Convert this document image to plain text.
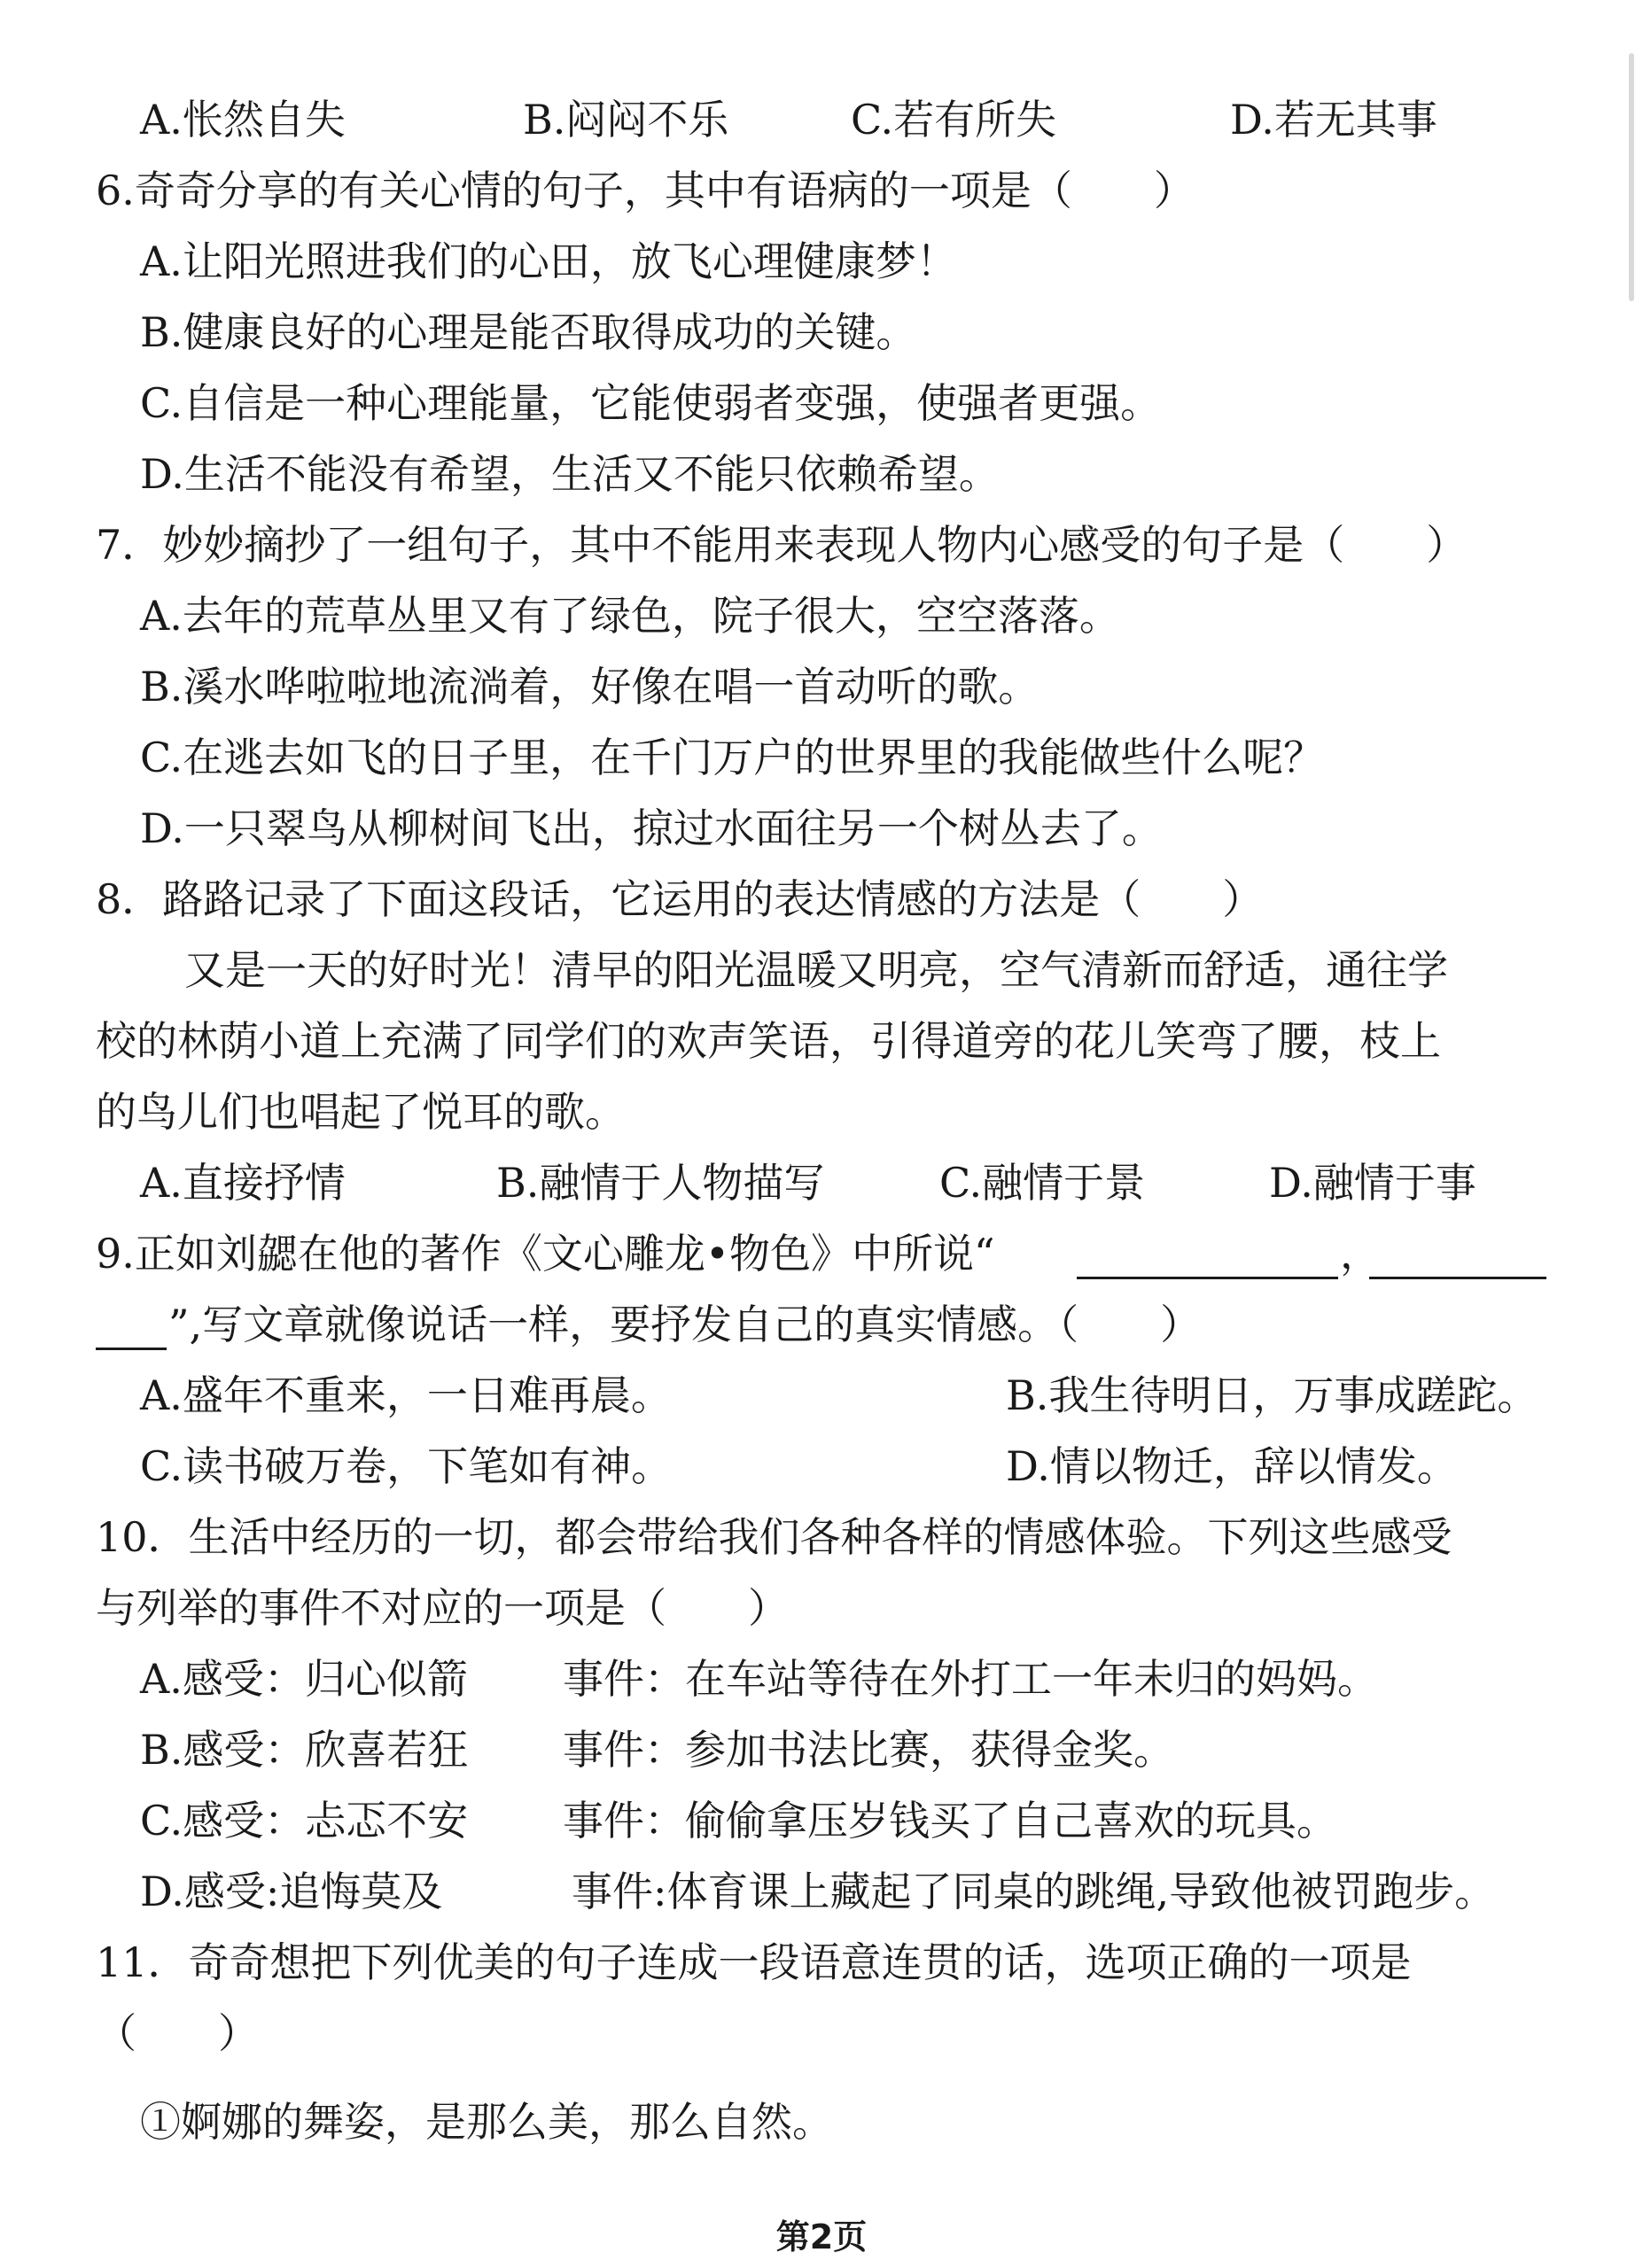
A.怅然自失	B.闷闷不乐	C.若有所失	D.若无其事
6.奇奇分享的有关心情的句子，其中有语病的一项是（　　）
A.让阳光照进我们的心田，放飞心理健康梦！
B.健康良好的心理是能否取得成功的关键。
C.自信是一种心理能量，它能使弱者变强，使强者更强。
D.生活不能没有希望，生活又不能只依赖希望。
7．妙妙摘抄了一组句子，其中不能用来表现人物内心感受的句子是（　　）
A.去年的荒草丛里又有了绿色，院子很大，空空落落。
B.溪水哗啦啦地流淌着，好像在唱一首动听的歌。
C.在逃去如飞的日子里，在千门万户的世界里的我能做些什么呢？
D.一只翠鸟从柳树间飞出，掠过水面往另一个树丛去了。
8．路路记录了下面这段话，它运用的表达情感的方法是（　　）
又是一天的好时光！清早的阳光温暖又明亮，空气清新而舒适，通往学
校的林荫小道上充满了同学们的欢声笑语，引得道旁的花儿笑弯了腰，枝上
的鸟儿们也唱起了悦耳的歌。
A.直接抒情	B.融情于人物描写	C.融情于景	D.融情于事
9.正如刘勰在他的著作《文心雕龙•物色》中所说“	，
”,写文章就像说话一样，要抒发自己的真实情感。（　　）
A.盛年不重来，一日难再晨。	B.我生待明日，万事成蹉跎。
C.读书破万卷，下笔如有神。	D.情以物迁，辞以情发。
10．生活中经历的一切，都会带给我们各种各样的情感体验。下列这些感受
与列举的事件不对应的一项是（　　）
A.感受：归心似箭 事件：在车站等待在外打工一年未归的妈妈。
B.感受：欣喜若狂 事件：参加书法比赛，获得金奖。
C.感受：忐忑不安 事件：偷偷拿压岁钱买了自己喜欢的玩具。
D.感受:追悔莫及	事件:体育课上藏起了同桌的跳绳,导致他被罚跑步。
11．奇奇想把下列优美的句子连成一段语意连贯的话，选项正确的一项是
（　　）
①婀娜的舞姿，是那么美，那么自然。
第2页
